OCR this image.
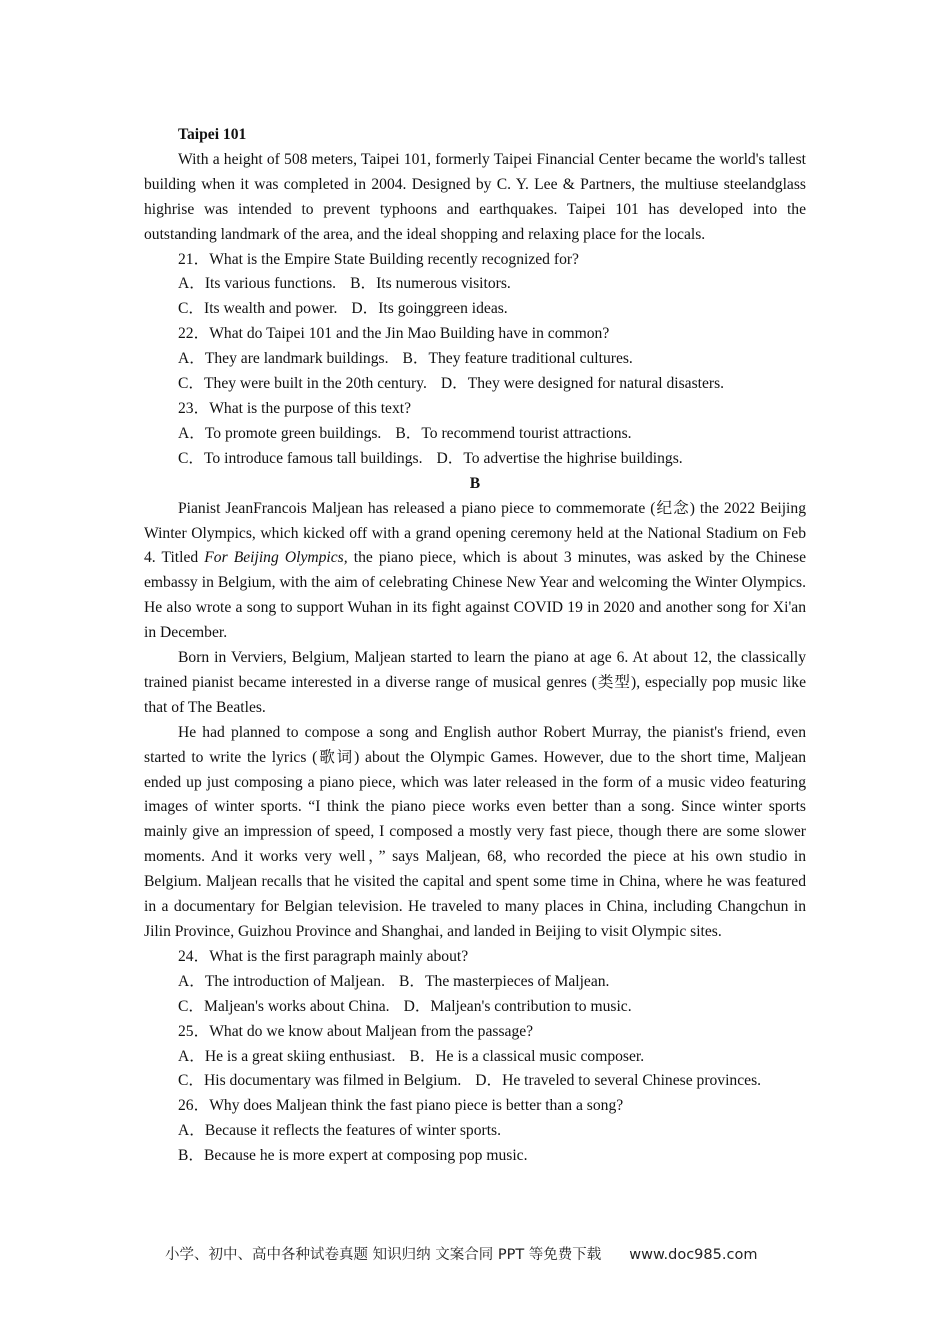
Taipei 101

With a height of 508 meters, Taipei 101, formerly Taipei Financial Center became the world's tallest building when it was completed in 2004. Designed by C. Y. Lee & Partners, the multiuse steelandglass highrise was intended to prevent typhoons and earthquakes. Taipei 101 has developed into the outstanding landmark of the area, and the ideal shopping and relaxing place for the locals.

21．What is the Empire State Building recently recognized for?
A．Its various functions. B．Its numerous visitors.
C．Its wealth and power. D．Its goinggreen ideas.
22．What do Taipei 101 and the Jin Mao Building have in common?
A．They are landmark buildings. B．They feature traditional cultures.
C．They were built in the 20th century. D．They were designed for natural disasters.
23．What is the purpose of this text?
A．To promote green buildings. B．To recommend tourist attractions.
C．To introduce famous tall buildings. D．To advertise the highrise buildings.
B

Pianist JeanFrancois Maljean has released a piano piece to commemorate (纪念) the 2022 Beijing Winter Olympics, which kicked off with a grand opening ceremony held at the National Stadium on Feb 4. Titled For Beijing Olympics, the piano piece, which is about 3 minutes, was asked by the Chinese embassy in Belgium, with the aim of celebrating Chinese New Year and welcoming the Winter Olympics. He also wrote a song to support Wuhan in its fight against COVID 19 in 2020 and another song for Xi'an in December.

Born in Verviers, Belgium, Maljean started to learn the piano at age 6. At about 12, the classically trained pianist became interested in a diverse range of musical genres (类型), especially pop music like that of The Beatles.

He had planned to compose a song and English author Robert Murray, the pianist's friend, even started to write the lyrics (歌词) about the Olympic Games. However, due to the short time, Maljean ended up just composing a piano piece, which was later released in the form of a music video featuring images of winter sports. “I think the piano piece works even better than a song. Since winter sports mainly give an impression of speed, I composed a mostly very fast piece, though there are some slower moments. And it works very well，” says Maljean, 68, who recorded the piece at his own studio in Belgium. Maljean recalls that he visited the capital and spent some time in China, where he was featured in a documentary for Belgian television. He traveled to many places in China, including Changchun in Jilin Province, Guizhou Province and Shanghai, and landed in Beijing to visit Olympic sites.

24．What is the first paragraph mainly about?
A．The introduction of Maljean. B．The masterpieces of Maljean.
C．Maljean's works about China. D．Maljean's contribution to music.
25．What do we know about Maljean from the passage?
A．He is a great skiing enthusiast. B．He is a classical music composer.
C．His documentary was filmed in Belgium. D．He traveled to several Chinese provinces.
26．Why does Maljean think the fast piano piece is better than a song?
A．Because it reflects the features of winter sports.
B．Because he is more expert at composing pop music.
小学、初中、高中各种试卷真题 知识归纳 文案合同 PPT 等免费下载 www.doc985.com
